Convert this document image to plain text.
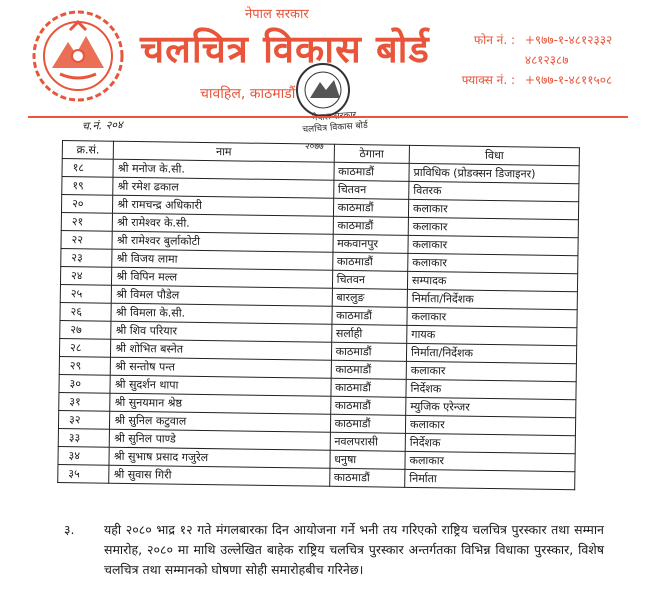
नेपाल सरकार
चलचित्र विकास बोर्ड
चावहिल, काठमाडौं
फोन नं. : +९७७-१-४८१२३३२
४८१२३८७
फ्याक्स नं. : +९७७-१-४८११५०८
चलचित्र विकास बोर्ड
च.नं. २०४
२०७७
क्र.सं.	नाम	ठेगाना	विधा
१८	श्री मनोज के.सी.	काठमाडौं	प्राविधिक (प्रोडक्सन डिजाइनर)
१९	श्री रमेश ढकाल	चितवन	वितरक
२०	श्री रामचन्द्र अधिकारी	काठमाडौं	कलाकार
२१	श्री रामेश्वर के.सी.	काठमाडौं	कलाकार
२२	श्री रामेश्वर बुर्लाकोटी	मकवानपुर	कलाकार
२३	श्री विजय लामा	काठमाडौं	कलाकार
२४	श्री विपिन मल्ल	चितवन	सम्पादक
२५	श्री विमल पौडेल	बारलुङ	निर्माता/निर्देशक
२६	श्री विमला के.सी.	काठमाडौं	कलाकार
२७	श्री शिव परियार	सर्लाही	गायक
२८	श्री शोभित बस्नेत	काठमाडौं	निर्माता/निर्देशक
२९	श्री सन्तोष पन्त	काठमाडौं	कलाकार
३०	श्री सुदर्शन थापा	काठमाडौं	निर्देशक
३१	श्री सुनयमान श्रेष्ठ	काठमाडौं	म्युजिक एरेन्जर
३२	श्री सुनिल कटुवाल	काठमाडौं	कलाकार
३३	श्री सुनिल पाण्डे	नवलपरासी	निर्देशक
३४	श्री सुभाष प्रसाद गजुरेल	धनुषा	कलाकार
३५	श्री सुवास गिरी	काठमाडौं	निर्माता
३. यही २०८० भाद्र १२ गते मंगलबारका दिन आयोजना गर्ने भनी तय गरिएको राष्ट्रिय चलचित्र पुरस्कार तथा सम्मान समारोह, २०८० मा माथि उल्लेखित बाहेक राष्ट्रिय चलचित्र पुरस्कार अन्तर्गतका विभिन्न विधाका पुरस्कार, विशेष चलचित्र तथा सम्मानको घोषणा सोही समारोहबीच गरिनेछ।
